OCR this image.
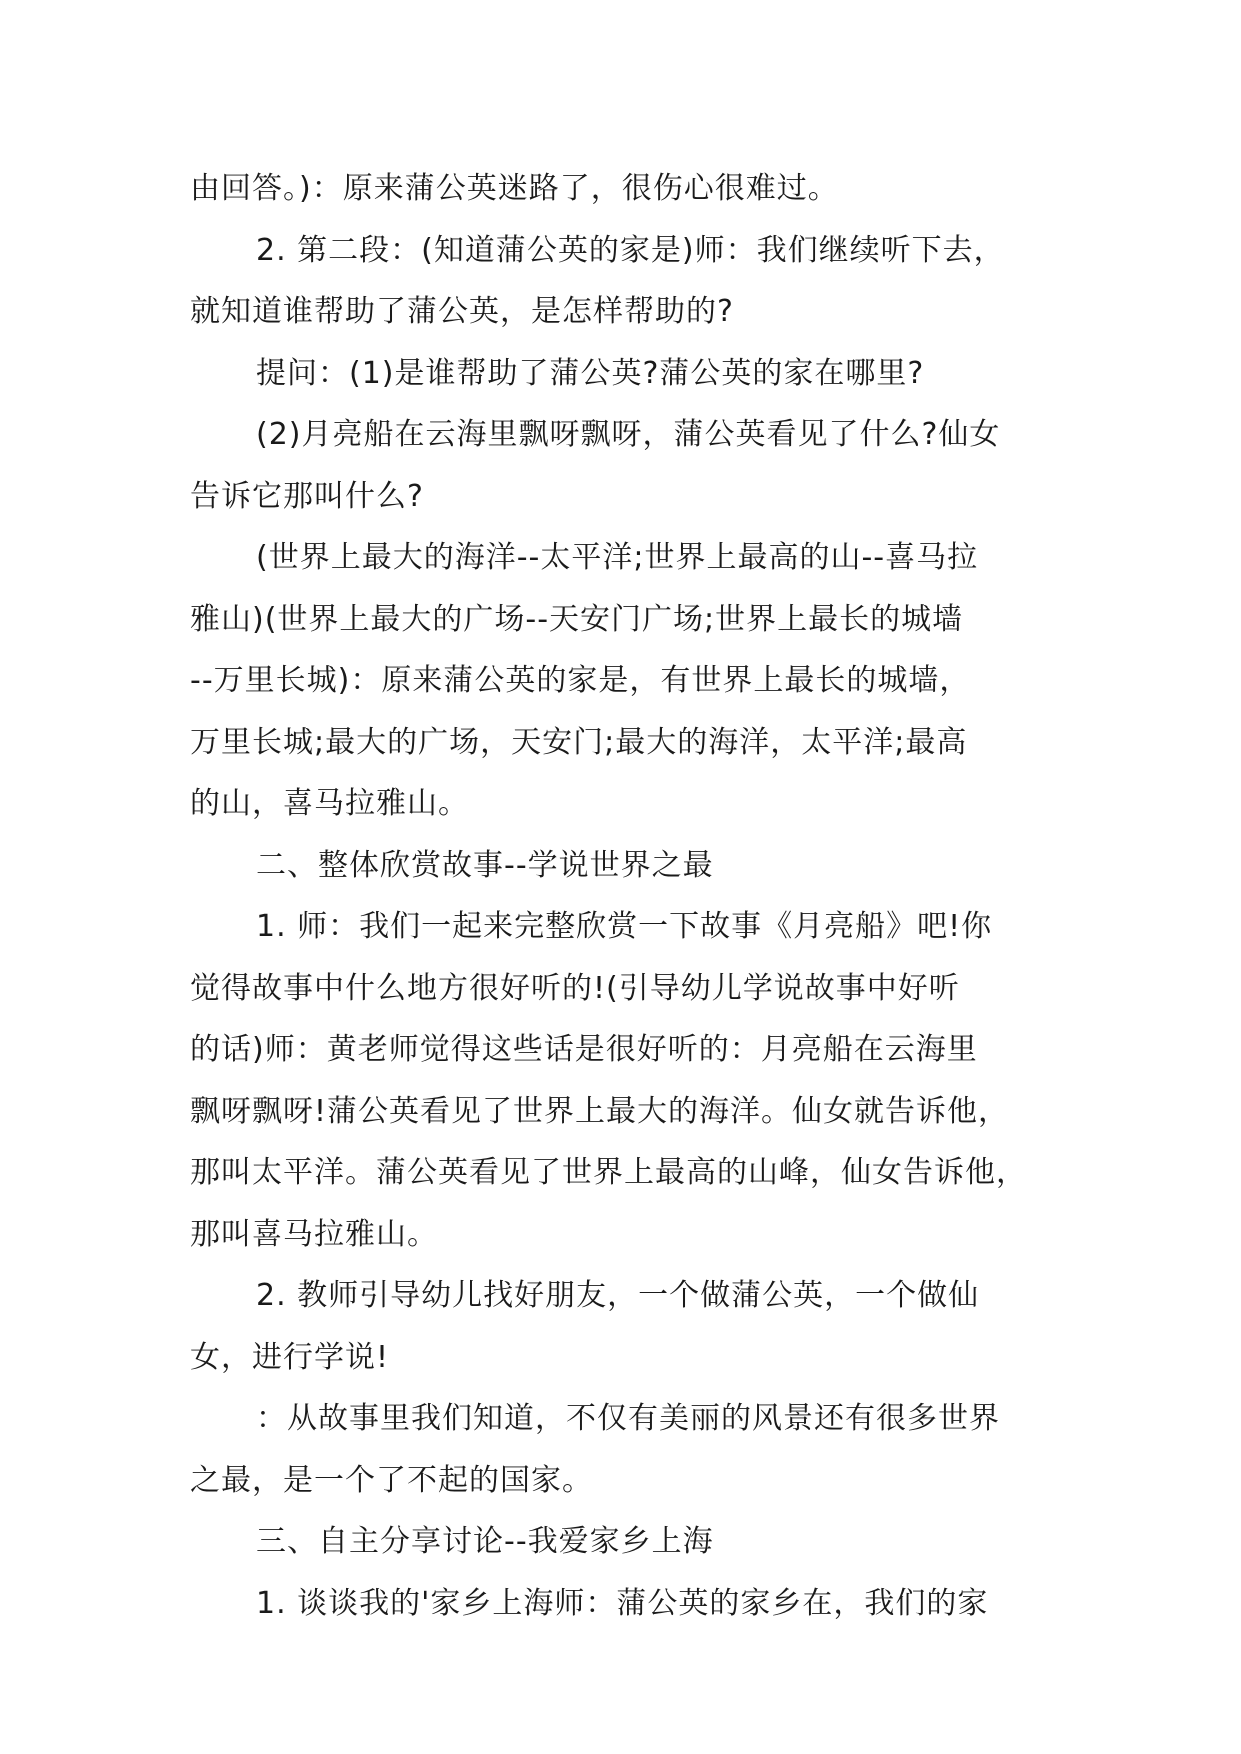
由回答。)：原来蒲公英迷路了，很伤心很难过。
2. 第二段：(知道蒲公英的家是)师：我们继续听下去，
就知道谁帮助了蒲公英，是怎样帮助的?
提问：(1)是谁帮助了蒲公英?蒲公英的家在哪里?
(2)月亮船在云海里飘呀飘呀，蒲公英看见了什么?仙女
告诉它那叫什么?
(世界上最大的海洋--太平洋;世界上最高的山--喜马拉
雅山)(世界上最大的广场--天安门广场;世界上最长的城墙
--万里长城)：原来蒲公英的家是，有世界上最长的城墙，
万里长城;最大的广场，天安门;最大的海洋，太平洋;最高
的山，喜马拉雅山。
二、整体欣赏故事--学说世界之最
1. 师：我们一起来完整欣赏一下故事《月亮船》吧!你
觉得故事中什么地方很好听的!(引导幼儿学说故事中好听
的话)师：黄老师觉得这些话是很好听的：月亮船在云海里
飘呀飘呀!蒲公英看见了世界上最大的海洋。仙女就告诉他，
那叫太平洋。蒲公英看见了世界上最高的山峰，仙女告诉他，
那叫喜马拉雅山。
2. 教师引导幼儿找好朋友，一个做蒲公英，一个做仙
女，进行学说!
：从故事里我们知道，不仅有美丽的风景还有很多世界
之最，是一个了不起的国家。
三、自主分享讨论--我爱家乡上海
1. 谈谈我的'家乡上海师：蒲公英的家乡在，我们的家
